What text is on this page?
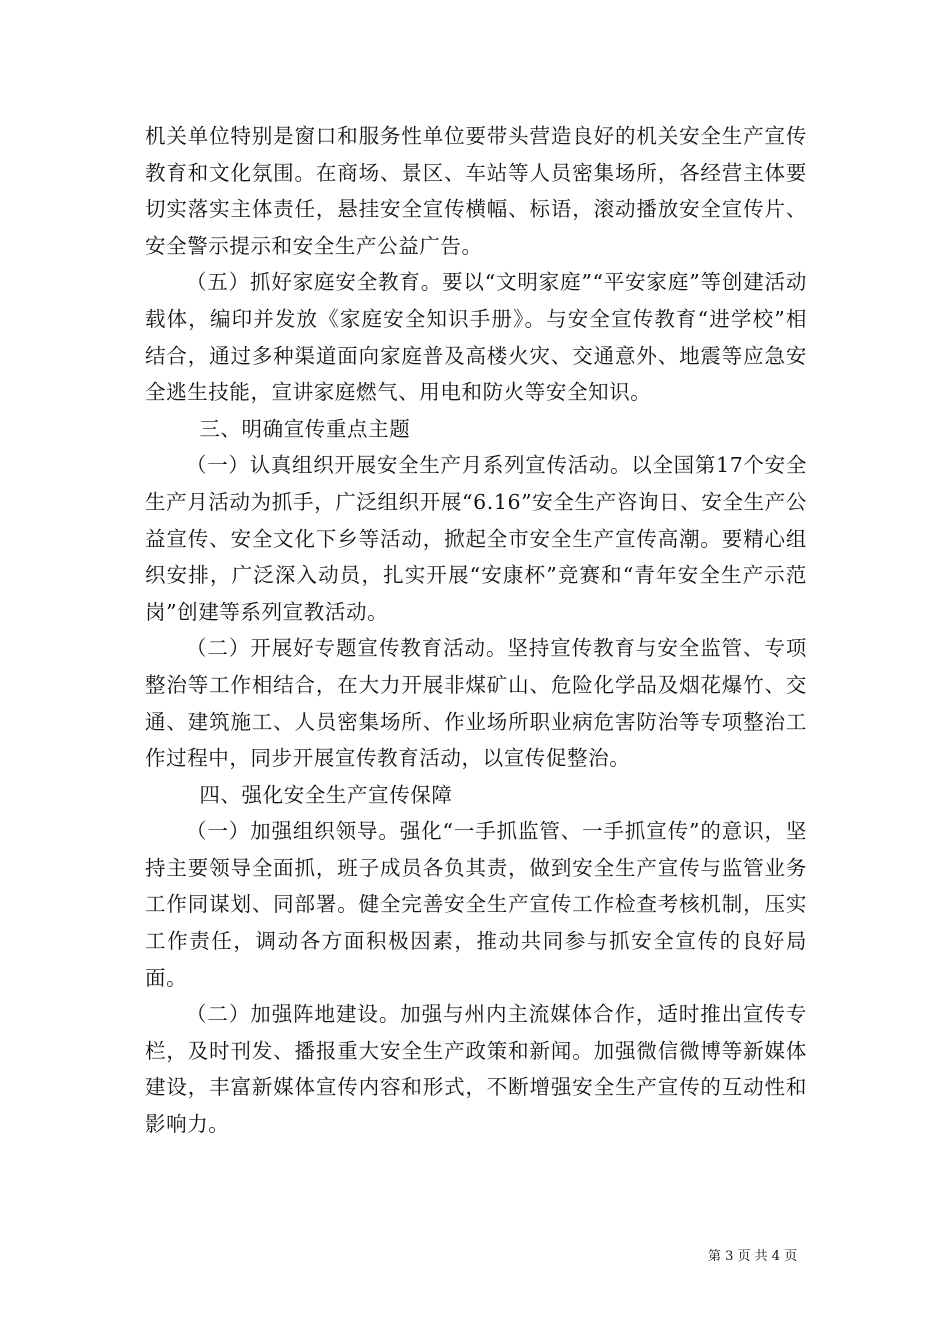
机关单位特别是窗口和服务性单位要带头营造良好的机关安全生产宣传教育和文化氛围。在商场、景区、车站等人员密集场所，各经营主体要切实落实主体责任，悬挂安全宣传横幅、标语，滚动播放安全宣传片、安全警示提示和安全生产公益广告。

（五）抓好家庭安全教育。要以“文明家庭”“平安家庭”等创建活动载体，编印并发放《家庭安全知识手册》。与安全宣传教育“进学校”相结合，通过多种渠道面向家庭普及高楼火灾、交通意外、地震等应急安全逃生技能，宣讲家庭燃气、用电和防火等安全知识。

三、明确宣传重点主题

（一）认真组织开展安全生产月系列宣传活动。以全国第17个安全生产月活动为抓手，广泛组织开展“6.16”安全生产咨询日、安全生产公益宣传、安全文化下乡等活动，掀起全市安全生产宣传高潮。要精心组织安排，广泛深入动员，扎实开展“安康杯”竞赛和“青年安全生产示范岗”创建等系列宣教活动。

（二）开展好专题宣传教育活动。坚持宣传教育与安全监管、专项整治等工作相结合，在大力开展非煤矿山、危险化学品及烟花爆竹、交通、建筑施工、人员密集场所、作业场所职业病危害防治等专项整治工作过程中，同步开展宣传教育活动，以宣传促整治。

四、强化安全生产宣传保障

（一）加强组织领导。强化“一手抓监管、一手抓宣传”的意识，坚持主要领导全面抓，班子成员各负其责，做到安全生产宣传与监管业务工作同谋划、同部署。健全完善安全生产宣传工作检查考核机制，压实工作责任，调动各方面积极因素，推动共同参与抓安全宣传的良好局面。

（二）加强阵地建设。加强与州内主流媒体合作，适时推出宣传专栏，及时刊发、播报重大安全生产政策和新闻。加强微信微博等新媒体建设，丰富新媒体宣传内容和形式，不断增强安全生产宣传的互动性和影响力。

第 3 页 共 4 页
